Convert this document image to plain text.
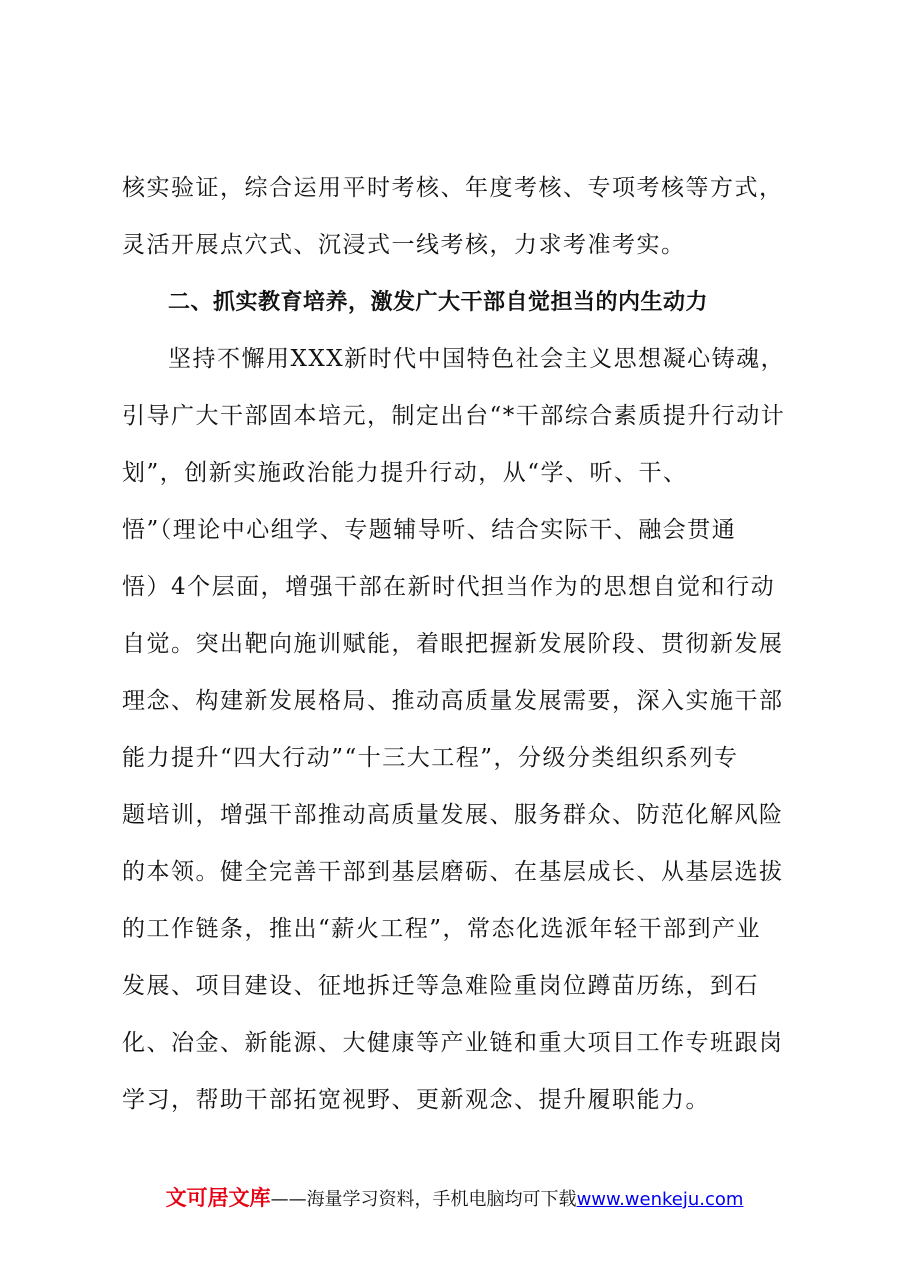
核实验证，综合运用平时考核、年度考核、专项考核等方式，
灵活开展点穴式、沉浸式一线考核，力求考准考实。
二、抓实教育培养，激发广大干部自觉担当的内生动力
坚持不懈用XXX新时代中国特色社会主义思想凝心铸魂，
引导广大干部固本培元，制定出台“*干部综合素质提升行动计
划”，创新实施政治能力提升行动，从“学、听、干、
悟”（理论中心组学、专题辅导听、结合实际干、融会贯通
悟）4个层面，增强干部在新时代担当作为的思想自觉和行动
自觉。突出靶向施训赋能，着眼把握新发展阶段、贯彻新发展
理念、构建新发展格局、推动高质量发展需要，深入实施干部
能力提升“四大行动”“十三大工程”，分级分类组织系列专
题培训，增强干部推动高质量发展、服务群众、防范化解风险
的本领。健全完善干部到基层磨砺、在基层成长、从基层选拔
的工作链条，推出“薪火工程”，常态化选派年轻干部到产业
发展、项目建设、征地拆迁等急难险重岗位蹲苗历练，到石
化、冶金、新能源、大健康等产业链和重大项目工作专班跟岗
学习，帮助干部拓宽视野、更新观念、提升履职能力。
文可居文库——海量学习资料，手机电脑均可下载www.wenkeju.com
